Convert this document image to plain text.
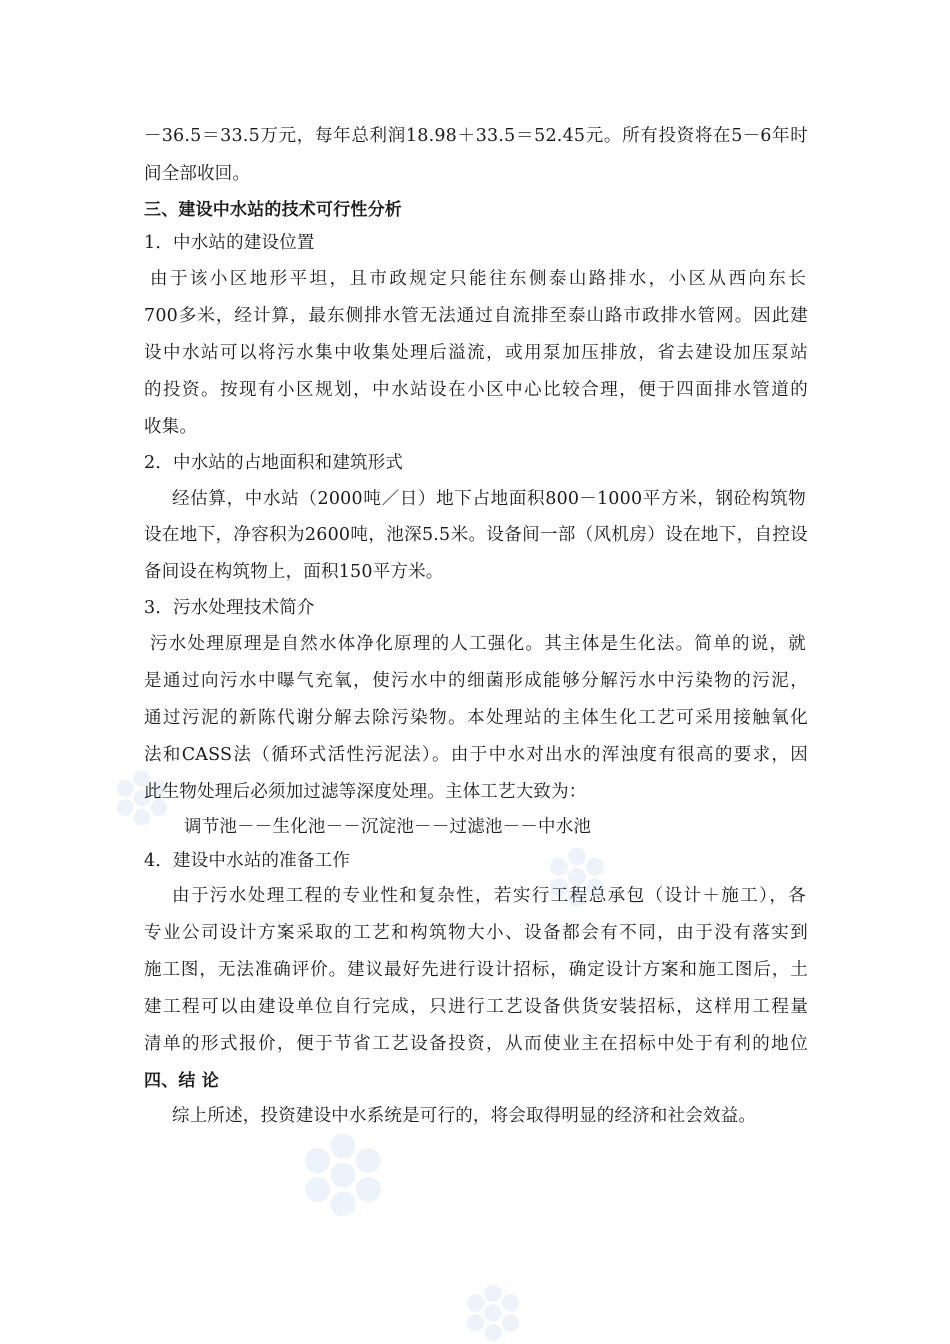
－36.5＝33.5万元，每年总利润18.98＋33.5＝52.45元。所有投资将在5－6年时
间全部收回。
三、建设中水站的技术可行性分析
1．中水站的建设位置
由于该小区地形平坦，且市政规定只能往东侧泰山路排水，小区从西向东长
700多米，经计算，最东侧排水管无法通过自流排至泰山路市政排水管网。因此建
设中水站可以将污水集中收集处理后溢流，或用泵加压排放，省去建设加压泵站
的投资。按现有小区规划，中水站设在小区中心比较合理，便于四面排水管道的
收集。
2．中水站的占地面积和建筑形式
经估算，中水站（2000吨／日）地下占地面积800－1000平方米，钢砼构筑物
设在地下，净容积为2600吨，池深5.5米。设备间一部（风机房）设在地下，自控设
备间设在构筑物上，面积150平方米。
3．污水处理技术简介
污水处理原理是自然水体净化原理的人工强化。其主体是生化法。简单的说，就
是通过向污水中曝气充氧，使污水中的细菌形成能够分解污水中污染物的污泥，
通过污泥的新陈代谢分解去除污染物。本处理站的主体生化工艺可采用接触氧化
法和CASS法（循环式活性污泥法）。由于中水对出水的浑浊度有很高的要求，因
此生物处理后必须加过滤等深度处理。主体工艺大致为：
调节池－－生化池－－沉淀池－－过滤池－－中水池
4．建设中水站的准备工作
由于污水处理工程的专业性和复杂性，若实行工程总承包（设计＋施工），各
专业公司设计方案采取的工艺和构筑物大小、设备都会有不同，由于没有落实到
施工图，无法准确评价。建议最好先进行设计招标，确定设计方案和施工图后，土
建工程可以由建设单位自行完成，只进行工艺设备供货安装招标，这样用工程量
清单的形式报价，便于节省工艺设备投资，从而使业主在招标中处于有利的地位
四、结 论
综上所述，投资建设中水系统是可行的，将会取得明显的经济和社会效益。
